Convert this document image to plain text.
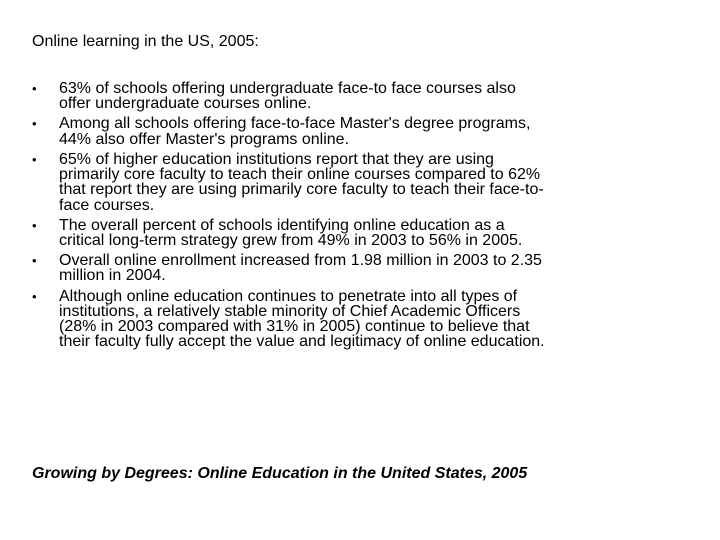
Online learning in the US, 2005:
• 63% of schools offering undergraduate face-to face courses also
offer undergraduate courses online.
• Among all schools offering face-to-face Master's degree programs,
44% also offer Master's programs online.
• 65% of higher education institutions report that they are using
primarily core faculty to teach their online courses compared to 62%
that report they are using primarily core faculty to teach their face-to-
face courses.
• The overall percent of schools identifying online education as a
critical long-term strategy grew from 49% in 2003 to 56% in 2005.
• Overall online enrollment increased from 1.98 million in 2003 to 2.35
million in 2004.
• Although online education continues to penetrate into all types of
institutions, a relatively stable minority of Chief Academic Officers
(28% in 2003 compared with 31% in 2005) continue to believe that
their faculty fully accept the value and legitimacy of online education.
Growing by Degrees: Online Education in the United States, 2005
